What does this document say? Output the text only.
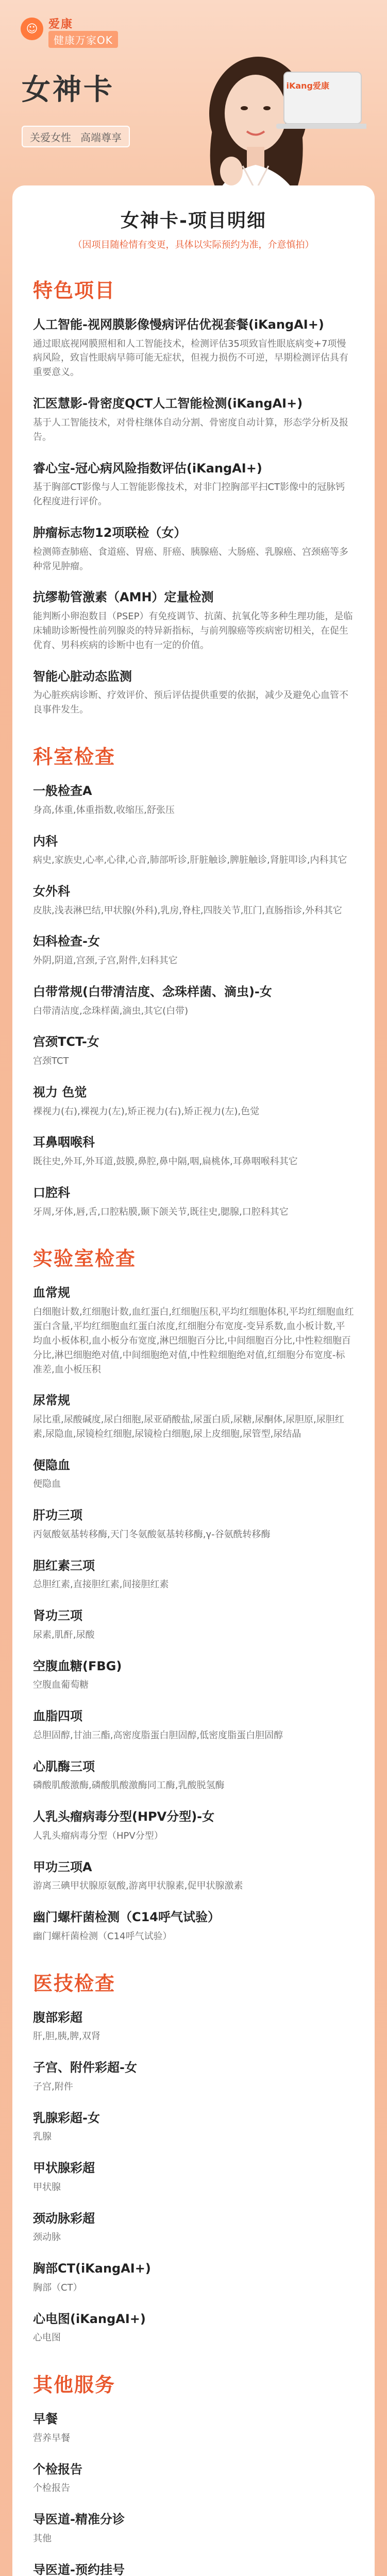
☺ 爱康
健康万家OK
女神卡
关爱女性 高端尊享
iKang爱康
女神卡-项目明细
（因项目随检情有变更，具体以实际预约为准，介意慎拍）
特色项目
人工智能-视网膜影像慢病评估优视套餐(iKangAI+)
通过眼底视网膜照相和人工智能技术，检测评估35项致盲性眼底病变+7项慢病风险，致盲性眼病早筛可能无症状，但视力损伤不可逆，早期检测评估具有重要意义。
汇医慧影-骨密度QCT人工智能检测(iKangAI+)
基于人工智能技术，对骨柱继体自动分割、骨密度自动计算，形态学分析及报告。
睿心宝-冠心病风险指数评估(iKangAI+)
基于胸部CT影像与人工智能影像技术，对非门控胸部平扫CT影像中的冠脉钙化程度进行评价。
肿瘤标志物12项联检（女）
检测筛查肺癌、食道癌、胃癌、肝癌、胰腺癌、大肠癌、乳腺癌、宫颈癌等多种常见肿瘤。
抗缪勒管激素（AMH）定量检测
能判断小卵泡数目（PSEP）有免疫调节、抗菌、抗氧化等多种生理功能，是临床辅助诊断慢性前列腺炎的特异新指标，与前列腺癌等疾病密切相关，在促生优育、男科疾病的诊断中也有一定的价值。
智能心脏动态监测
为心脏疾病诊断、疗效评价、预后评估提供重要的依据，减少及避免心血管不良事件发生。
科室检查
一般检查A
身高,体重,体重指数,收缩压,舒张压
内科
病史,家族史,心率,心律,心音,肺部听诊,肝脏触诊,脾脏触诊,肾脏叩诊,内科其它
女外科
皮肤,浅表淋巴结,甲状腺(外科),乳房,脊柱,四肢关节,肛门,直肠指诊,外科其它
妇科检查-女
外阴,阴道,宫颈,子宫,附件,妇科其它
白带常规(白带清洁度、念珠样菌、滴虫)-女
白带清洁度,念珠样菌,滴虫,其它(白带)
宫颈TCT-女
宫颈TCT
视力 色觉
裸视力(右),裸视力(左),矫正视力(右),矫正视力(左),色觉
耳鼻咽喉科
既往史,外耳,外耳道,鼓膜,鼻腔,鼻中隔,咽,扁桃体,耳鼻咽喉科其它
口腔科
牙周,牙体,唇,舌,口腔粘膜,颞下颌关节,既往史,腮腺,口腔科其它
实验室检查
血常规
白细胞计数,红细胞计数,血红蛋白,红细胞压积,平均红细胞体积,平均红细胞血红蛋白含量,平均红细胞血红蛋白浓度,红细胞分布宽度-变异系数,血小板计数,平均血小板体积,血小板分布宽度,淋巴细胞百分比,中间细胞百分比,中性粒细胞百分比,淋巴细胞绝对值,中间细胞绝对值,中性粒细胞绝对值,红细胞分布宽度-标准差,血小板压积
尿常规
尿比重,尿酸碱度,尿白细胞,尿亚硝酸盐,尿蛋白质,尿糖,尿酮体,尿胆原,尿胆红素,尿隐血,尿镜检红细胞,尿镜检白细胞,尿上皮细胞,尿管型,尿结晶
便隐血
便隐血
肝功三项
丙氨酸氨基转移酶,天门冬氨酸氨基转移酶,γ-谷氨酰转移酶
胆红素三项
总胆红素,直接胆红素,间接胆红素
肾功三项
尿素,肌酐,尿酸
空腹血糖(FBG)
空腹血葡萄糖
血脂四项
总胆固醇,甘油三酯,高密度脂蛋白胆固醇,低密度脂蛋白胆固醇
心肌酶三项
磷酸肌酸激酶,磷酸肌酸激酶同工酶,乳酸脱氢酶
人乳头瘤病毒分型(HPV分型)-女
人乳头瘤病毒分型（HPV分型）
甲功三项A
游离三碘甲状腺原氨酸,游离甲状腺素,促甲状腺激素
幽门螺杆菌检测（C14呼气试验）
幽门螺杆菌检测（C14呼气试验）
医技检查
腹部彩超
肝,胆,胰,脾,双肾
子宫、附件彩超-女
子宫,附件
乳腺彩超-女
乳腺
甲状腺彩超
甲状腺
颈动脉彩超
颈动脉
胸部CT(iKangAI+)
胸部（CT）
心电图(iKangAI+)
心电图
其他服务
早餐
营养早餐
个检报告
个检报告
导医道-精准分诊
其他
导医道-预约挂号
